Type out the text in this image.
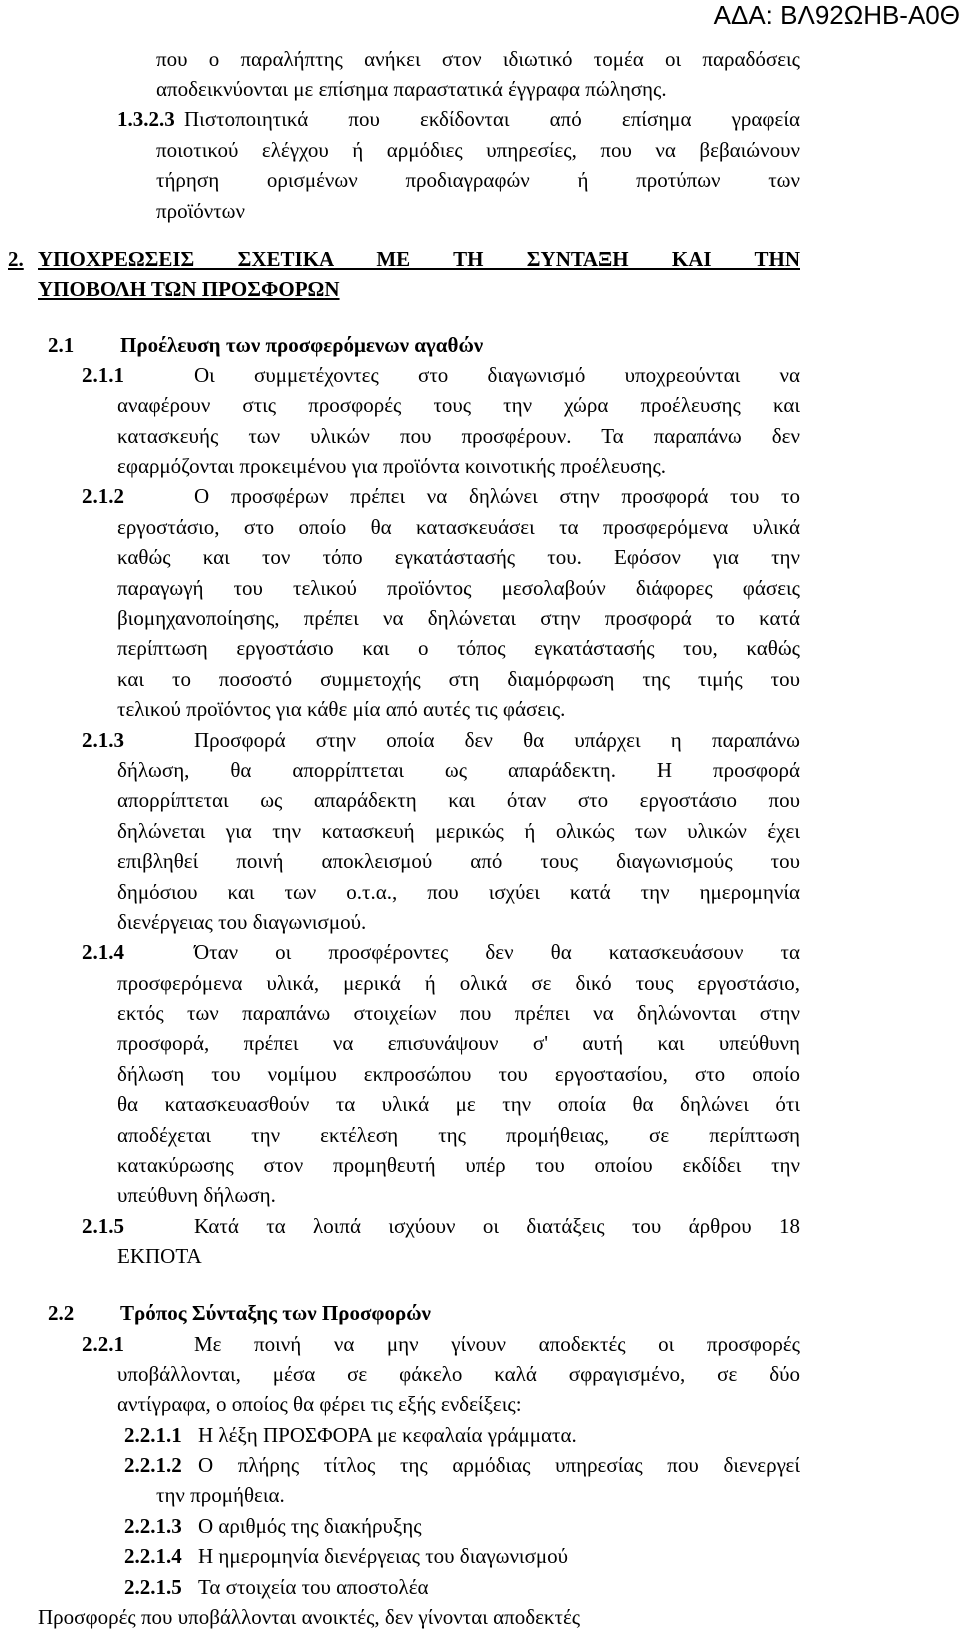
ΑΔΑ: ΒΛ92ΩΗΒ-Α0Θ
που ο παραλήπτης ανήκει στον ιδιωτικό τομέα οι παραδόσεις
αποδεικνύονται με επίσημα παραστατικά έγγραφα πώλησης.
1.3.2.3 Πιστοποιητικά που εκδίδονται από επίσημα γραφεία
ποιοτικού ελέγχου ή αρμόδιες υπηρεσίες, που να βεβαιώνουν
τήρηση ορισμένων προδιαγραφών ή προτύπων των
προϊόντων
2. ΥΠΟΧΡΕΩΣΕΙΣ ΣΧΕΤΙΚΑ ΜΕ ΤΗ ΣΥΝΤΑΞΗ ΚΑΙ ΤΗΝ
ΥΠΟΒΟΛΗ ΤΩΝ ΠΡΟΣΦΟΡΩΝ
2.1 Προέλευση των προσφερόμενων αγαθών
2.1.1	Οι συμμετέχοντες στο διαγωνισμό υποχρεούνται να
αναφέρουν στις προσφορές τους την χώρα προέλευσης και
κατασκευής των υλικών που προσφέρουν. Τα παραπάνω δεν
εφαρμόζονται προκειμένου για προϊόντα κοινοτικής προέλευσης.
2.1.2	Ο προσφέρων πρέπει να δηλώνει στην προσφορά του το
εργοστάσιο, στο οποίο θα κατασκευάσει τα προσφερόμενα υλικά
καθώς και τον τόπο εγκατάστασής του. Εφόσον για την
παραγωγή του τελικού προϊόντος μεσολαβούν διάφορες φάσεις
βιομηχανοποίησης, πρέπει να δηλώνεται στην προσφορά το κατά
περίπτωση εργοστάσιο και ο τόπος εγκατάστασής του, καθώς
και το ποσοστό συμμετοχής στη διαμόρφωση της τιμής του
τελικού προϊόντος για κάθε μία από αυτές τις φάσεις.
2.1.3	Προσφορά στην οποία δεν θα υπάρχει η παραπάνω
δήλωση, θα απορρίπτεται ως απαράδεκτη. Η προσφορά
απορρίπτεται ως απαράδεκτη και όταν στο εργοστάσιο που
δηλώνεται για την κατασκευή μερικώς ή ολικώς των υλικών έχει
επιβληθεί ποινή αποκλεισμού από τους διαγωνισμούς του
δημόσιου και των ο.τ.α., που ισχύει κατά την ημερομηνία
διενέργειας του διαγωνισμού.
2.1.4	Όταν οι προσφέροντες δεν θα κατασκευάσουν τα
προσφερόμενα υλικά, μερικά ή ολικά σε δικό τους εργοστάσιο,
εκτός των παραπάνω στοιχείων που πρέπει να δηλώνονται στην
προσφορά, πρέπει να επισυνάψουν σ' αυτή και υπεύθυνη
δήλωση του νομίμου εκπροσώπου του εργοστασίου, στο οποίο
θα κατασκευασθούν τα υλικά με την οποία θα δηλώνει ότι
αποδέχεται την εκτέλεση της προμήθειας, σε περίπτωση
κατακύρωσης στον προμηθευτή υπέρ του οποίου εκδίδει την
υπεύθυνη δήλωση.
2.1.5	Κατά τα λοιπά ισχύουν οι διατάξεις του άρθρου 18
ΕΚΠΟΤΑ
2.2 Τρόπος Σύνταξης των Προσφορών
2.2.1	Με ποινή να μην γίνουν αποδεκτές οι προσφορές
υποβάλλονται, μέσα σε φάκελο καλά σφραγισμένο, σε δύο
αντίγραφα, ο οποίος θα φέρει τις εξής ενδείξεις:
2.2.1.1 Η λέξη ΠΡΟΣΦΟΡΑ με κεφαλαία γράμματα.
2.2.1.2 Ο πλήρης τίτλος της αρμόδιας υπηρεσίας που διενεργεί
την προμήθεια.
2.2.1.3 Ο αριθμός της διακήρυξης
2.2.1.4 Η ημερομηνία διενέργειας του διαγωνισμού
2.2.1.5 Τα στοιχεία του αποστολέα
Προσφορές που υποβάλλονται ανοικτές, δεν γίνονται αποδεκτές
